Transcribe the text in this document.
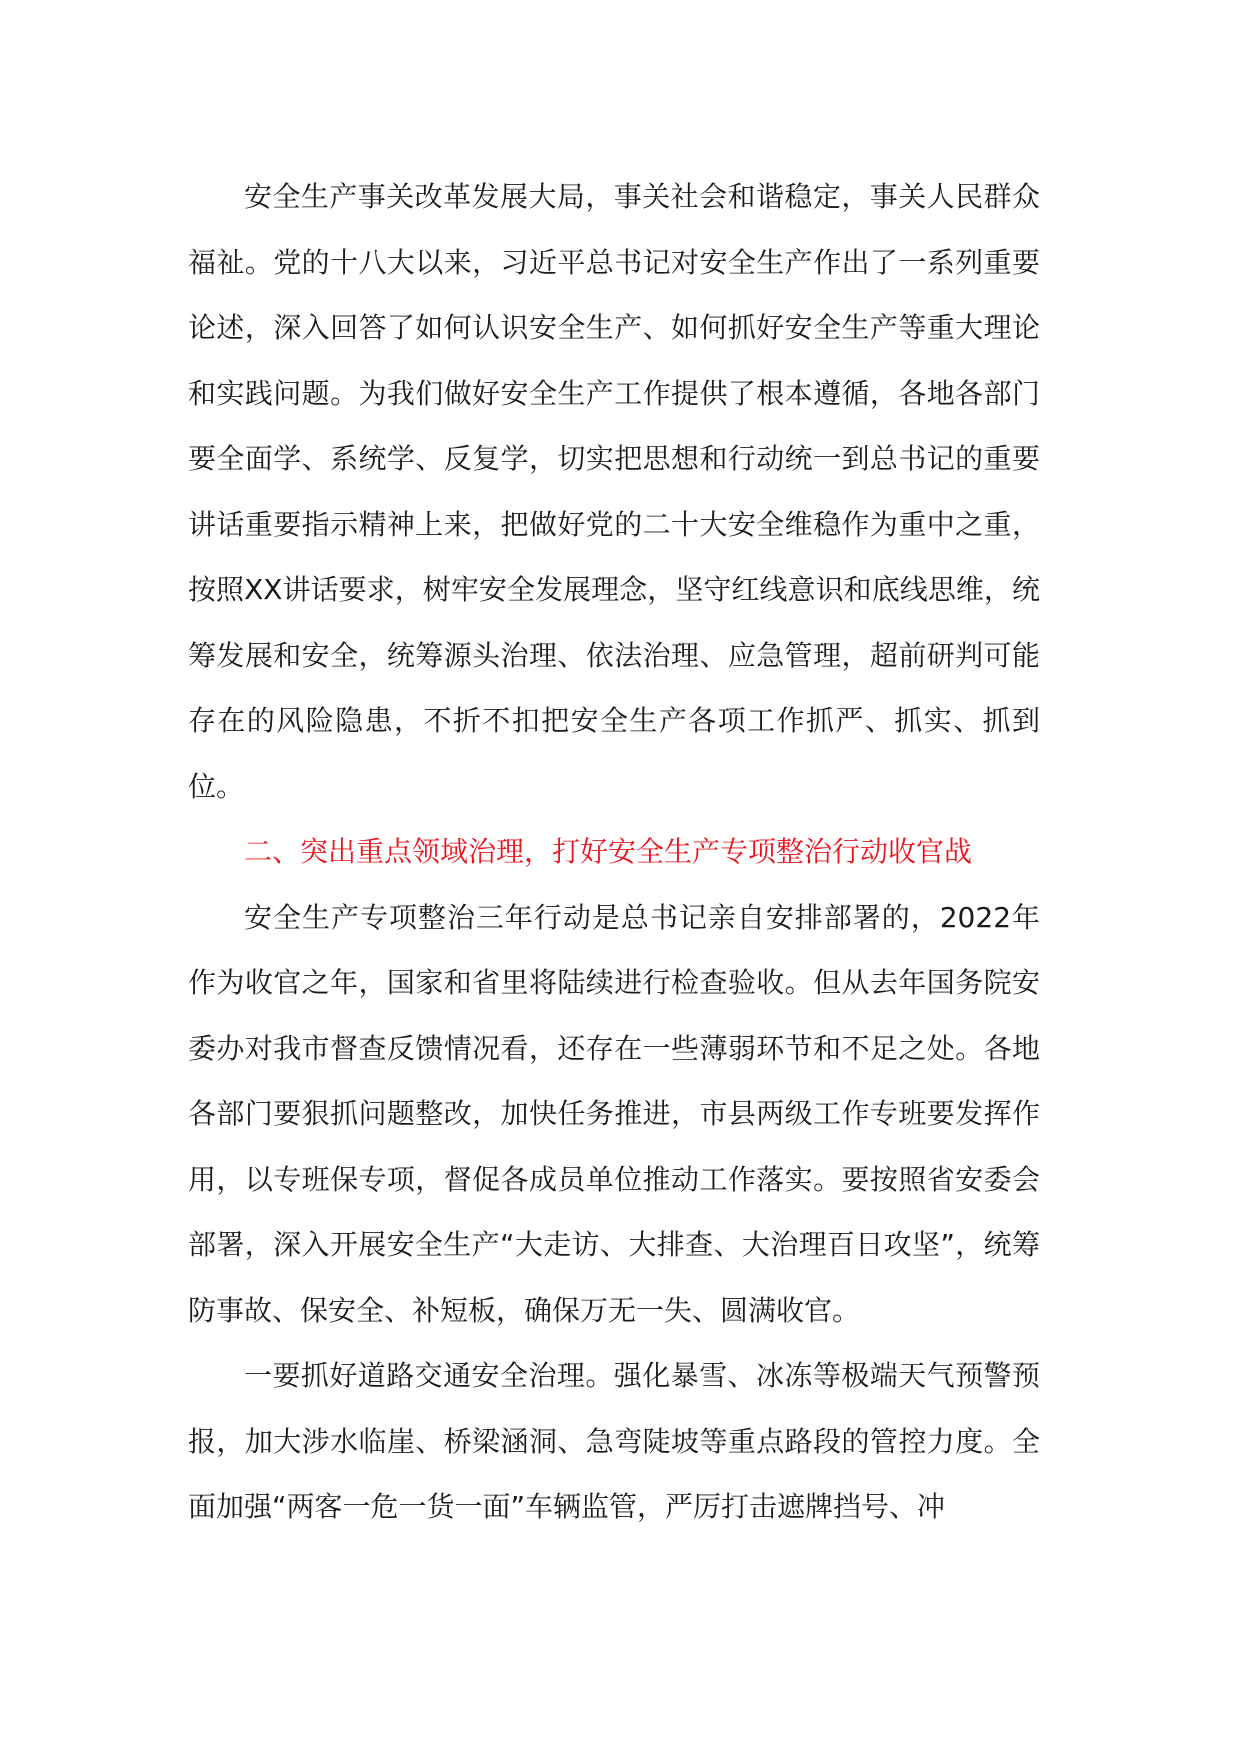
安全生产事关改革发展大局，事关社会和谐稳定，事关人民群众福祉。党的十八大以来，习近平总书记对安全生产作出了一系列重要论述，深入回答了如何认识安全生产、如何抓好安全生产等重大理论和实践问题。为我们做好安全生产工作提供了根本遵循，各地各部门要全面学、系统学、反复学，切实把思想和行动统一到总书记的重要讲话重要指示精神上来，把做好党的二十大安全维稳作为重中之重，按照XX讲话要求，树牢安全发展理念，坚守红线意识和底线思维，统筹发展和安全，统筹源头治理、依法治理、应急管理，超前研判可能存在的风险隐患，不折不扣把安全生产各项工作抓严、抓实、抓到位。

二、突出重点领域治理，打好安全生产专项整治行动收官战

安全生产专项整治三年行动是总书记亲自安排部署的，2022年作为收官之年，国家和省里将陆续进行检查验收。但从去年国务院安委办对我市督查反馈情况看，还存在一些薄弱环节和不足之处。各地各部门要狠抓问题整改，加快任务推进，市县两级工作专班要发挥作用，以专班保专项，督促各成员单位推动工作落实。要按照省安委会部署，深入开展安全生产“大走访、大排查、大治理百日攻坚”，统筹防事故、保安全、补短板，确保万无一失、圆满收官。

一要抓好道路交通安全治理。强化暴雪、冰冻等极端天气预警预报，加大涉水临崖、桥梁涵洞、急弯陡坡等重点路段的管控力度。全面加强“两客一危一货一面”车辆监管，严厉打击遮牌挡号、冲
